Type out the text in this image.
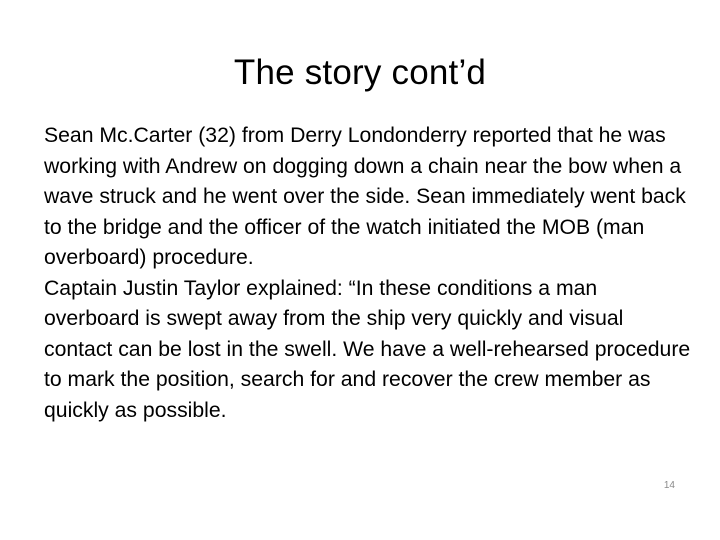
The story cont’d

Sean Mc.Carter (32) from Derry Londonderry reported that he was working with Andrew on dogging down a chain near the bow when a wave struck and he went over the side. Sean immediately went back to the bridge and the officer of the watch initiated the MOB (man overboard) procedure.

Captain Justin Taylor explained: “In these conditions a man overboard is swept away from the ship very quickly and visual contact can be lost in the swell. We have a well-rehearsed procedure to mark the position, search for and recover the crew member as quickly as possible.

14
